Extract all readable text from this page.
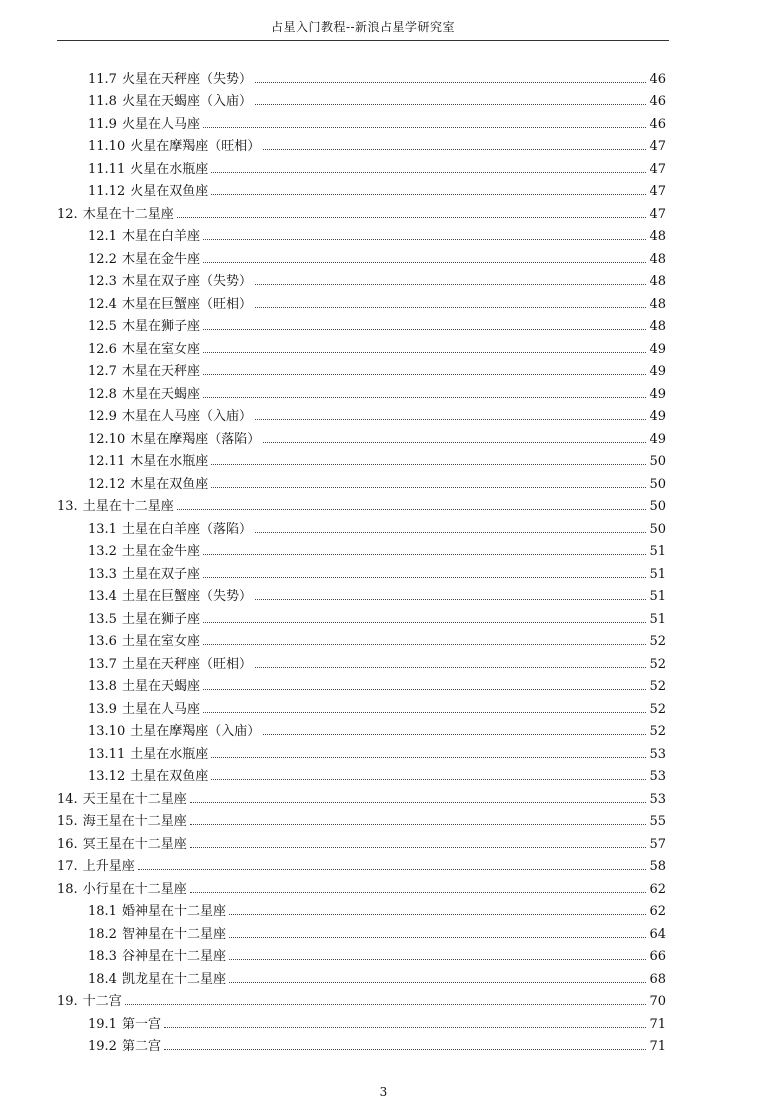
占星入门教程--新浪占星学研究室
11.7 火星在天秤座（失势）	46
11.8 火星在天蝎座（入庙）	46
11.9 火星在人马座	46
11.10 火星在摩羯座（旺相）	47
11.11 火星在水瓶座	47
11.12 火星在双鱼座	47
12. 木星在十二星座	47
12.1 木星在白羊座	48
12.2 木星在金牛座	48
12.3 木星在双子座（失势）	48
12.4 木星在巨蟹座（旺相）	48
12.5 木星在狮子座	48
12.6 木星在室女座	49
12.7 木星在天秤座	49
12.8 木星在天蝎座	49
12.9 木星在人马座（入庙）	49
12.10 木星在摩羯座（落陷）	49
12.11 木星在水瓶座	50
12.12 木星在双鱼座	50
13. 土星在十二星座	50
13.1 土星在白羊座（落陷）	50
13.2 土星在金牛座	51
13.3 土星在双子座	51
13.4 土星在巨蟹座（失势）	51
13.5 土星在狮子座	51
13.6 土星在室女座	52
13.7 土星在天秤座（旺相）	52
13.8 土星在天蝎座	52
13.9 土星在人马座	52
13.10 土星在摩羯座（入庙）	52
13.11 土星在水瓶座	53
13.12 土星在双鱼座	53
14. 天王星在十二星座	53
15. 海王星在十二星座	55
16. 冥王星在十二星座	57
17. 上升星座	58
18. 小行星在十二星座	62
18.1 婚神星在十二星座	62
18.2 智神星在十二星座	64
18.3 谷神星在十二星座	66
18.4 凯龙星在十二星座	68
19. 十二宫	70
19.1 第一宫	71
19.2 第二宫	71
3
